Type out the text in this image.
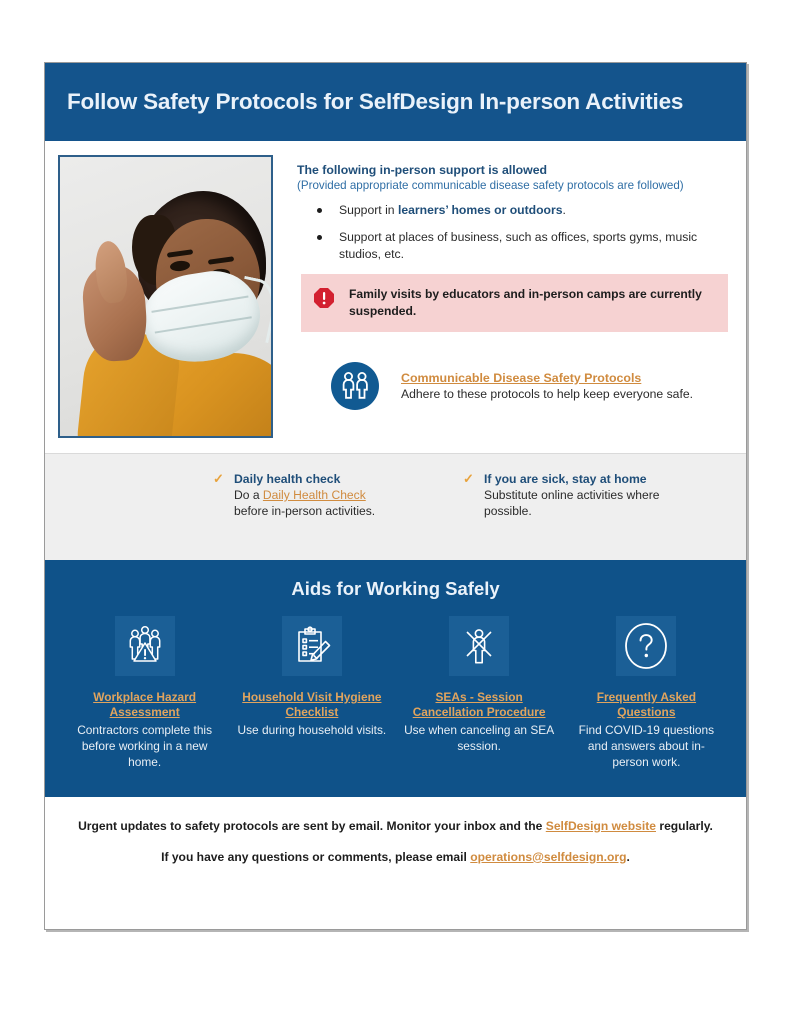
Follow Safety Protocols for SelfDesign In-person Activities
The following in-person support is allowed
(Provided appropriate communicable disease safety protocols are followed)
Support in learners’ homes or outdoors.
Support at places of business, such as offices, sports gyms, music studios, etc.
Family visits by educators and in-person camps are currently suspended.
Communicable Disease Safety Protocols
Adhere to these protocols to help keep everyone safe.
✓ Daily health check
Do a Daily Health Check
before in-person activities.
✓ If you are sick, stay at home
Substitute online activities where possible.
Aids for Working Safely
Workplace Hazard Assessment
Contractors complete this before working in a new home.
Household Visit Hygiene Checklist
Use during household visits.
SEAs - Session Cancellation Procedure
Use when canceling an SEA session.
Frequently Asked Questions
Find COVID-19 questions and answers about in-person work.

Urgent updates to safety protocols are sent by email. Monitor your inbox and the SelfDesign website regularly.

If you have any questions or comments, please email operations@selfdesign.org.
